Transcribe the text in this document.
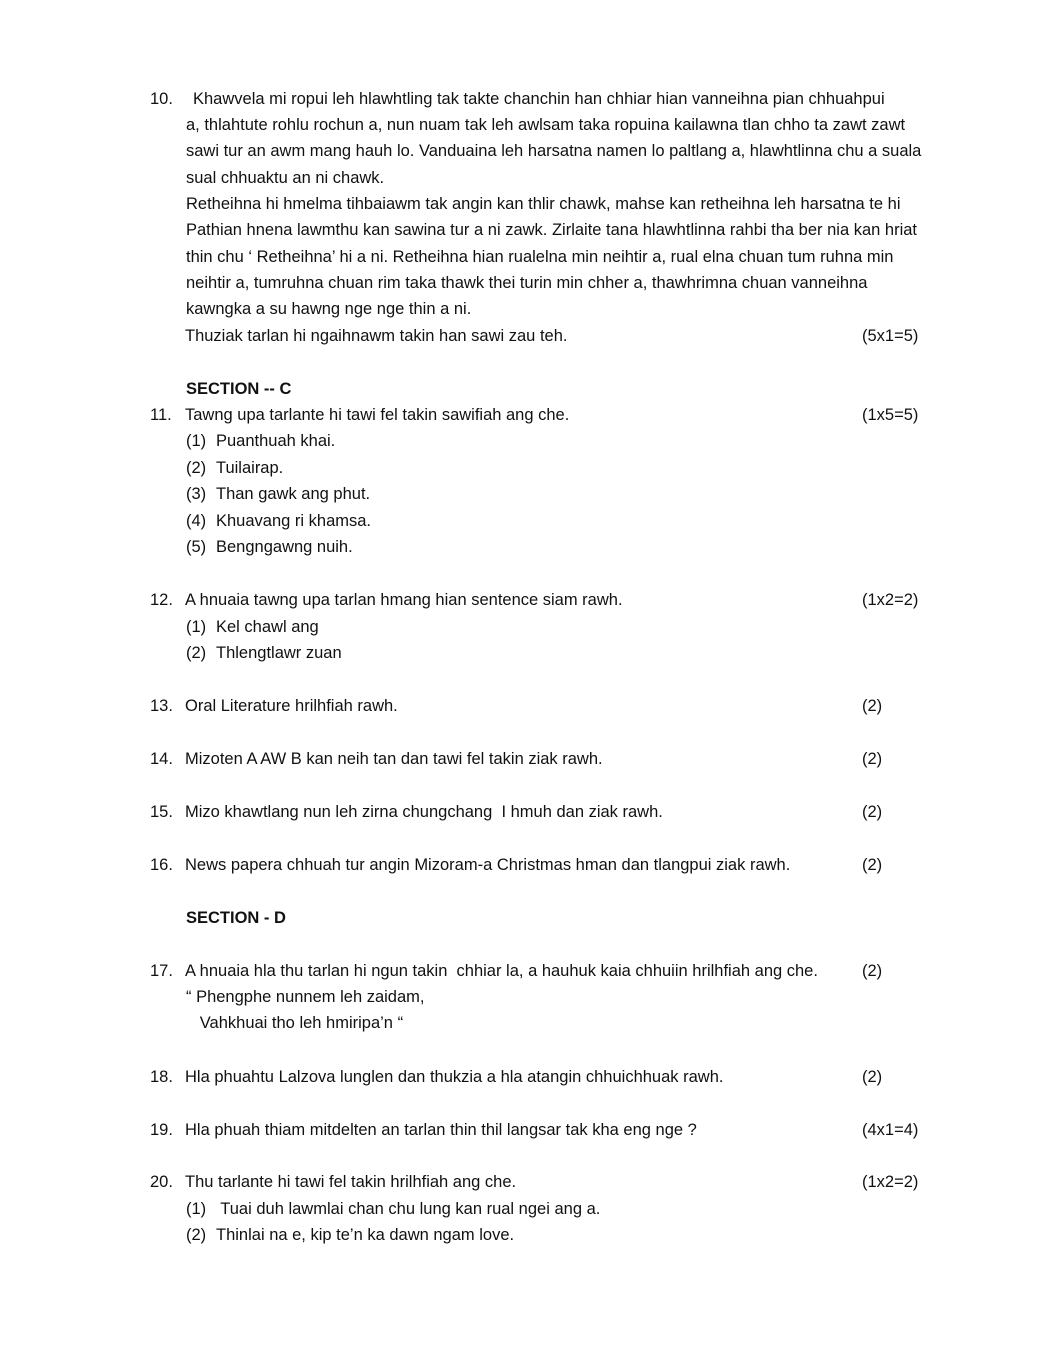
10.	Khawvela mi ropui leh hlawhtling tak takte chanchin han chhiar hian vanneihna pian chhuahpui

a, thlahtute rohlu rochun a, nun nuam tak leh awlsam taka ropuina kailawna tlan chho ta zawt zawt sawi tur an awm mang hauh lo. Vanduaina leh harsatna namen lo paltlang a, hlawhtlinna chu a suala sual chhuaktu an ni chawk.

Retheihna hi hmelma tihbaiawm tak angin kan thlir chawk, mahse kan retheihna leh harsatna te hi Pathian hnena lawmthu kan sawina tur a ni zawk. Zirlaite tana hlawhtlinna rahbi tha ber nia kan hriat thin chu ‘ Retheihna’ hi a ni. Retheihna hian rualelna min neihtir a, rual elna chuan tum ruhna min neihtir a, tumruhna chuan rim taka thawk thei turin min chher a, thawhrimna chuan vanneihna kawngka a su hawng nge nge thin a ni.

Thuziak tarlan hi ngaihnawm takin han sawi zau teh.	(5x1=5)
SECTION -- C
11. Tawng upa tarlante hi tawi fel takin sawifiah ang che.	(1x5=5)
(1) Puanthuah khai.
(2) Tuilairap.
(3) Than gawk ang phut.
(4) Khuavang ri khamsa.
(5) Bengngawng nuih.
12. A hnuaia tawng upa tarlan hmang hian sentence siam rawh.	(1x2=2)
(1) Kel chawl ang
(2) Thlengtlawr zuan
13. Oral Literature hrilhfiah rawh.	(2)
14. Mizoten A AW B kan neih tan dan tawi fel takin ziak rawh.	(2)
15. Mizo khawtlang nun leh zirna chungchang  I hmuh dan ziak rawh.	(2)
16. News papera chhuah tur angin Mizoram-a Christmas hman dan tlangpui ziak rawh.	(2)
SECTION - D
17. A hnuaia hla thu tarlan hi ngun takin  chhiar la, a hauhuk kaia chhuiin hrilhfiah ang che.	(2)
“ Phengphe nunnem leh zaidam,
Vahkhuai tho leh hmiripa’n “
18. Hla phuahtu Lalzova lunglen dan thukzia a hla atangin chhuichhuak rawh.	(2)
19. Hla phuah thiam mitdelten an tarlan thin thil langsar tak kha eng nge ?	(4x1=4)
20. Thu tarlante hi tawi fel takin hrilhfiah ang che.	(1x2=2)
(1) Tuai duh lawmlai chan chu lung kan rual ngei ang a.
(2) Thinlai na e, kip te’n ka dawn ngam love.
